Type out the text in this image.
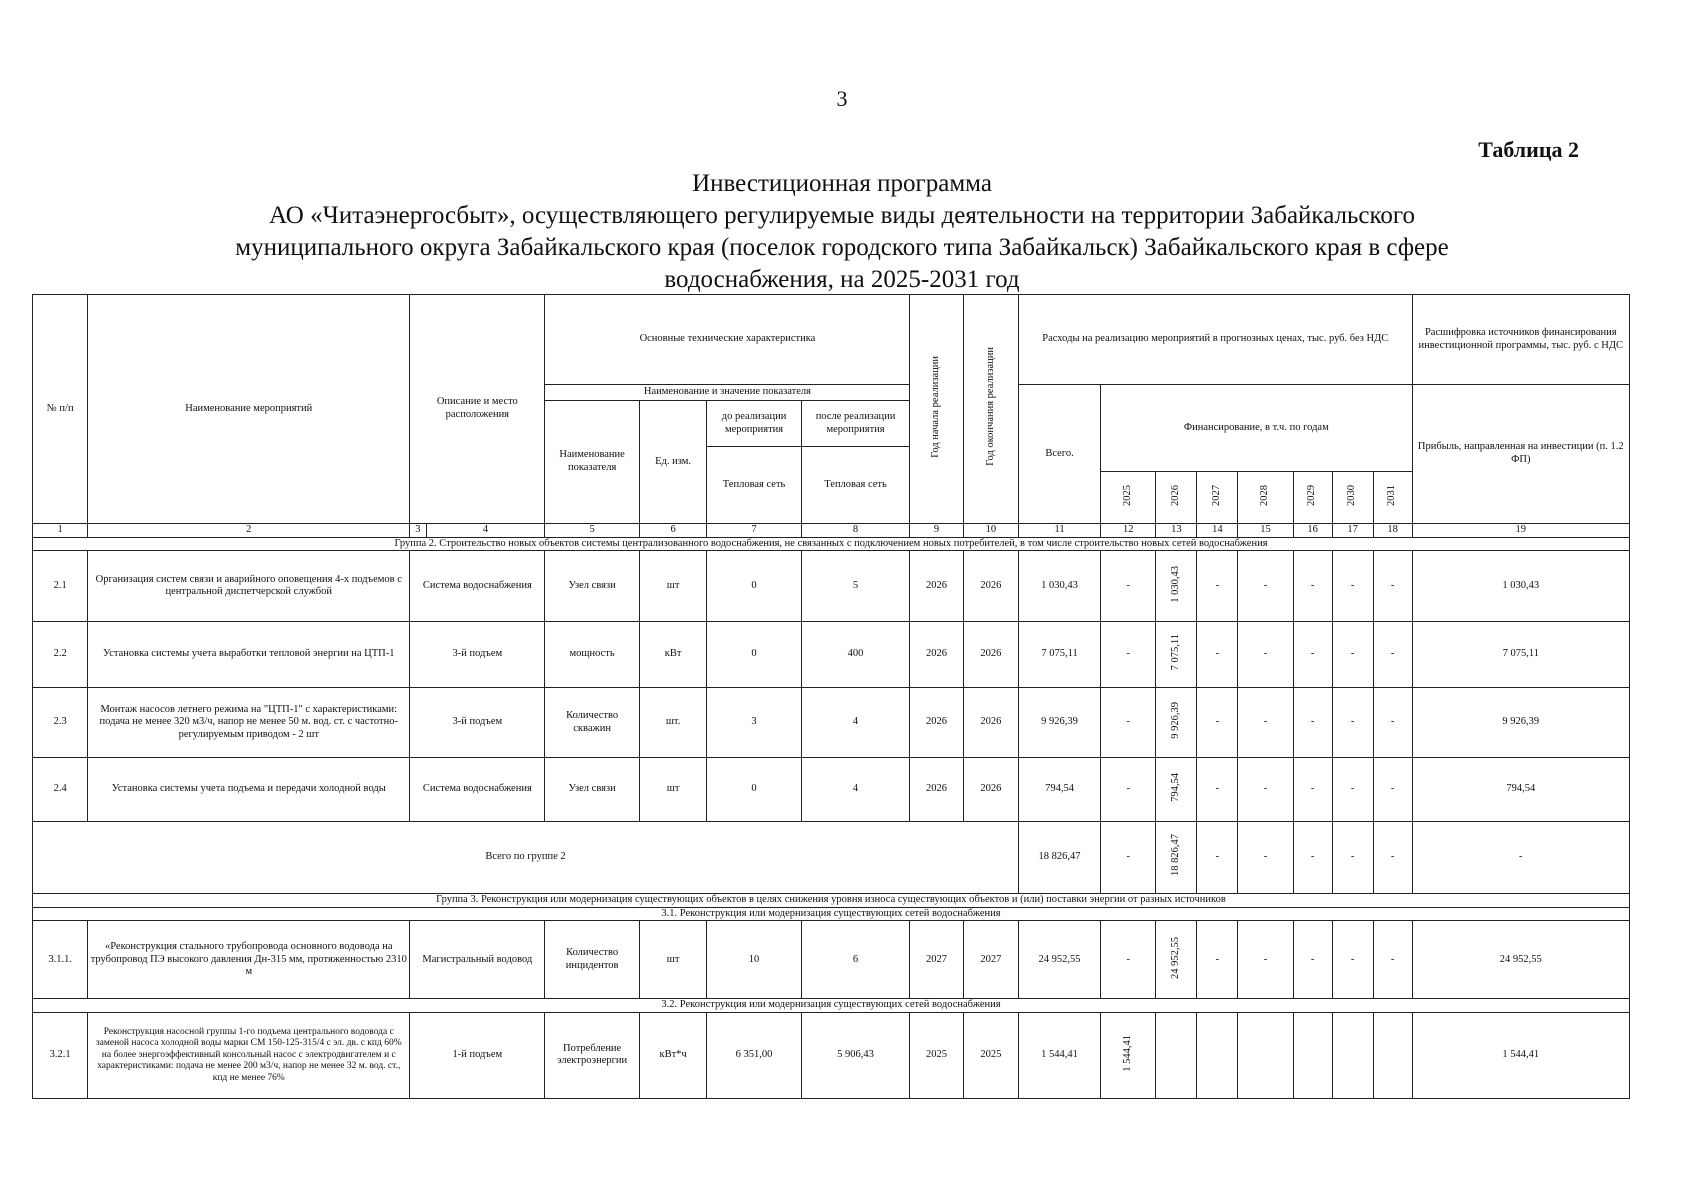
3
Таблица 2
Инвестиционная программа
АО «Читаэнергосбыт», осуществляющего регулируемые виды деятельности на территории Забайкальского
муниципального округа Забайкальского края (поселок городского типа Забайкальск) Забайкальского края в сфере
водоснабжения, на 2025-2031 год
№ п/п	Наименование мероприятий	Описание и место расположения		Основные технические характеристика				Год начала реализации	Год окончания реализации	Расходы на реализацию мероприятий в прогнозных ценах, тыс. руб. без НДС								Расшифровка источников финансирования инвестиционной программы, тыс. руб. с НДС
				Наименование и значение показателя						Всего.	Финансирование, в т.ч. по годам							Прибыль, направленная на инвестиции (п. 1.2 ФП)
				Наименование показателя	Ед. изм.	до реализации мероприятия	после реализации мероприятия											
						Тепловая сеть	Тепловая сеть											
											2025	2026	2027	2028	2029	2030	2031	
1	2	3	4	5	6	7	8	9	10	11	12	13	14	15	16	17	18	19
Группа 2. Строительство новых объектов системы централизованного водоснабжения, не связанных с подключением новых потребителей, в том числе строительство новых сетей водоснабжения																		
2.1	Организация систем связи и аварийного оповещения 4-х подъемов с центральной диспетчерской службой	Система водоснабжения		Узел связи	шт	0	5	2026	2026	1 030,43	-	1 030,43	-	-	-	-	-	1 030,43
2.2	Установка системы учета выработки тепловой энергии на ЦТП-1	3-й подъем		мощность	кВт	0	400	2026	2026	7 075,11	-	7 075,11	-	-	-	-	-	7 075,11
2.3	Монтаж насосов летнего режима на "ЦТП-1" с характеристиками: подача не менее 320 м3/ч, напор не менее 50 м. вод. ст. с частотно-регулируемым приводом - 2 шт	3-й подъем		Количество скважин	шт.	3	4	2026	2026	9 926,39	-	9 926,39	-	-	-	-	-	9 926,39
2.4	Установка системы учета подъема и передачи холодной воды	Система водоснабжения		Узел связи	шт	0	4	2026	2026	794,54	-	794,54	-	-	-	-	-	794,54
Всего по группе 2										18 826,47	-	18 826,47	-	-	-	-	-	-
Группа 3. Реконструкция или модернизация существующих объектов в целях снижения уровня износа существующих объектов и (или) поставки энергии от разных источников																		
3.1. Реконструкция или модернизация существующих сетей водоснабжения																		
3.1.1.	«Реконструкция стального трубопровода основного водовода на трубопровод ПЭ высокого давления Дн-315 мм, протяженностью 2310 м	Магистральный водовод		Количество инцидентов	шт	10	6	2027	2027	24 952,55	-	24 952,55	-	-	-	-	-	24 952,55
3.2. Реконструкция или модернизация существующих сетей водоснабжения																		
3.2.1	Реконструкция насосной группы 1-го подъема центрального водовода с заменой насоса холодной воды марки СМ 150-125-315/4 с эл. дв. с кпд 60% на более энергоэффективный консольный насос с электродвигателем и с характеристиками: подача не менее 200 м3/ч, напор не менее 32 м. вод. ст., кпд не менее 76%	1-й подъем		Потребление электроэнергии	кВт*ч	6 351,00	5 906,43	2025	2025	1 544,41	1 544,41							1 544,41
